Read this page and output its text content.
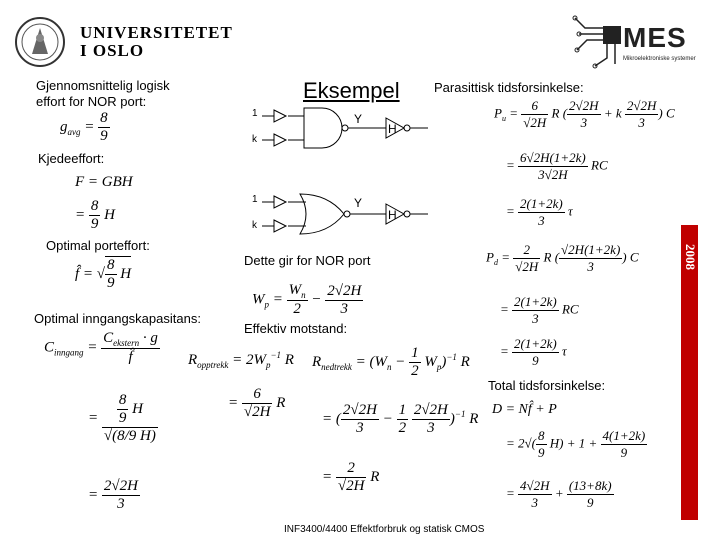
UNIVERSITETET
I OSLO	MES
Mikroelektroniske systemer
Eksempel
Gjennomsnittelig logisk
effort for NOR port:
Kjedeeffort:
Optimal porteffort:
Optimal inngangskapasitans:
$g_{avg} = \frac{8}{9}$
F = GBH
= $\frac{8}{9}$ H
f̂ = √ $\frac{8}{9}$ H
$C_{inngang} = \frac{C_{ekstern} \cdot g}{f̂}$
= $\frac{\frac{8}{9} H}{√(8/9 H)}$
= $\frac{2√2H}{3}$
1
k
Y
H
1
k
Y
H
Dette gir for NOR port
Effektiv motstand:
$W_p = \frac{W_n}{2} - \frac{2√2H}{3}$
$R_{opptrekk} = 2W_p^{-1}$ R $R_{nedtrekk} = (W_n - \frac{1}{2} W_p)^{-1}$ R
= $\frac{6}{√2H}$ R
= ( $\frac{2√2H}{3} - \frac{1}{2}$
$\frac{2√2H}{3} )^{-1}$ R
= $\frac{2}{√2H}$ R
Parasittisk tidsforsinkelse:
Total tidsforsinkelse:
$P_u = \frac{6}{√2H}$ R ( $\frac{2√2H}{3} + k \frac{2√2H}{3}$ ) C
= $\frac{6√2H(1+2k)}{3√2H}$ RC
= $\frac{2(1+2k)}{3}$ τ
$P_d = \frac{2}{√2H}$ R ( $\frac{√2H(1+2k)}{3}$ ) C
= $\frac{2(1+2k)}{3}$ RC
= $\frac{2(1+2k)}{9}$ τ
D = Nf̂ + P
= $2√( \frac{8}{9} H) + 1 + \frac{4(1+2k)}{9}$
= $\frac{4√2H}{3} + \frac{(13+8k)}{9}$
2008
INF3400/4400 Effektforbruk og statisk CMOS
